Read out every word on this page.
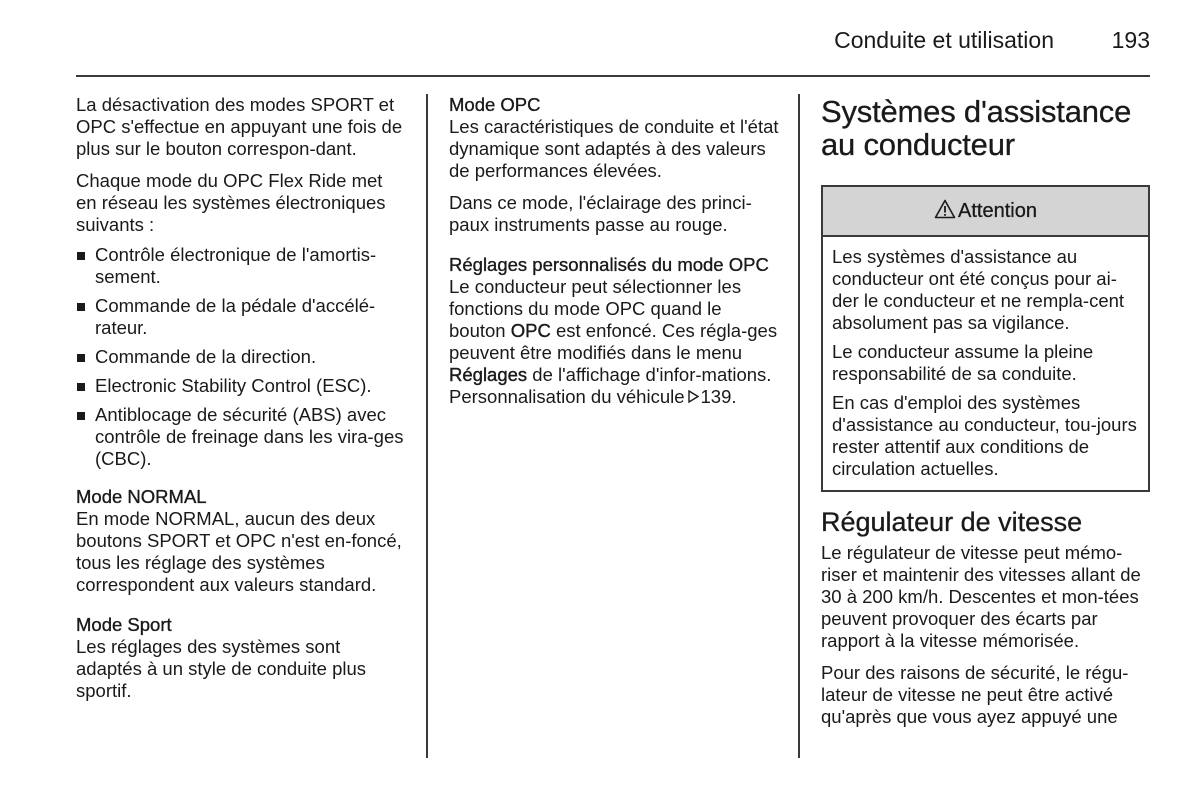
Conduite et utilisation	193

La désactivation des modes SPORT et OPC s'effectue en appuyant une fois de plus sur le bouton correspon-dant.

Chaque mode du OPC Flex Ride met en réseau les systèmes électroniques suivants :

Contrôle électronique de l'amortis-sement.
Commande de la pédale d'accélé-rateur.
Commande de la direction.
Electronic Stability Control (ESC).
Antiblocage de sécurité (ABS) avec contrôle de freinage dans les vira-ges (CBC).
Mode NORMAL

En mode NORMAL, aucun des deux boutons SPORT et OPC n'est en-foncé, tous les réglage des systèmes correspondent aux valeurs standard.

Mode Sport

Les réglages des systèmes sont adaptés à un style de conduite plus sportif.

Mode OPC

Les caractéristiques de conduite et l'état dynamique sont adaptés à des valeurs de performances élevées.

Dans ce mode, l'éclairage des princi-paux instruments passe au rouge.

Réglages personnalisés du mode OPC

Le conducteur peut sélectionner les fonctions du mode OPC quand le bouton OPC est enfoncé. Ces régla-ges peuvent être modifiés dans le menu Réglages de l'affichage d'infor-mations. Personnalisation du véhicule 139.

Systèmes d'assistance au conducteur
Attention

Les systèmes d'assistance au conducteur ont été conçus pour ai-der le conducteur et ne rempla-cent absolument pas sa vigilance.

Le conducteur assume la pleine responsabilité de sa conduite.

En cas d'emploi des systèmes d'assistance au conducteur, tou-jours rester attentif aux conditions de circulation actuelles.

Régulateur de vitesse

Le régulateur de vitesse peut mémo-riser et maintenir des vitesses allant de 30 à 200 km/h. Descentes et mon-tées peuvent provoquer des écarts par rapport à la vitesse mémorisée.

Pour des raisons de sécurité, le régu-lateur de vitesse ne peut être activé qu'après que vous ayez appuyé une
